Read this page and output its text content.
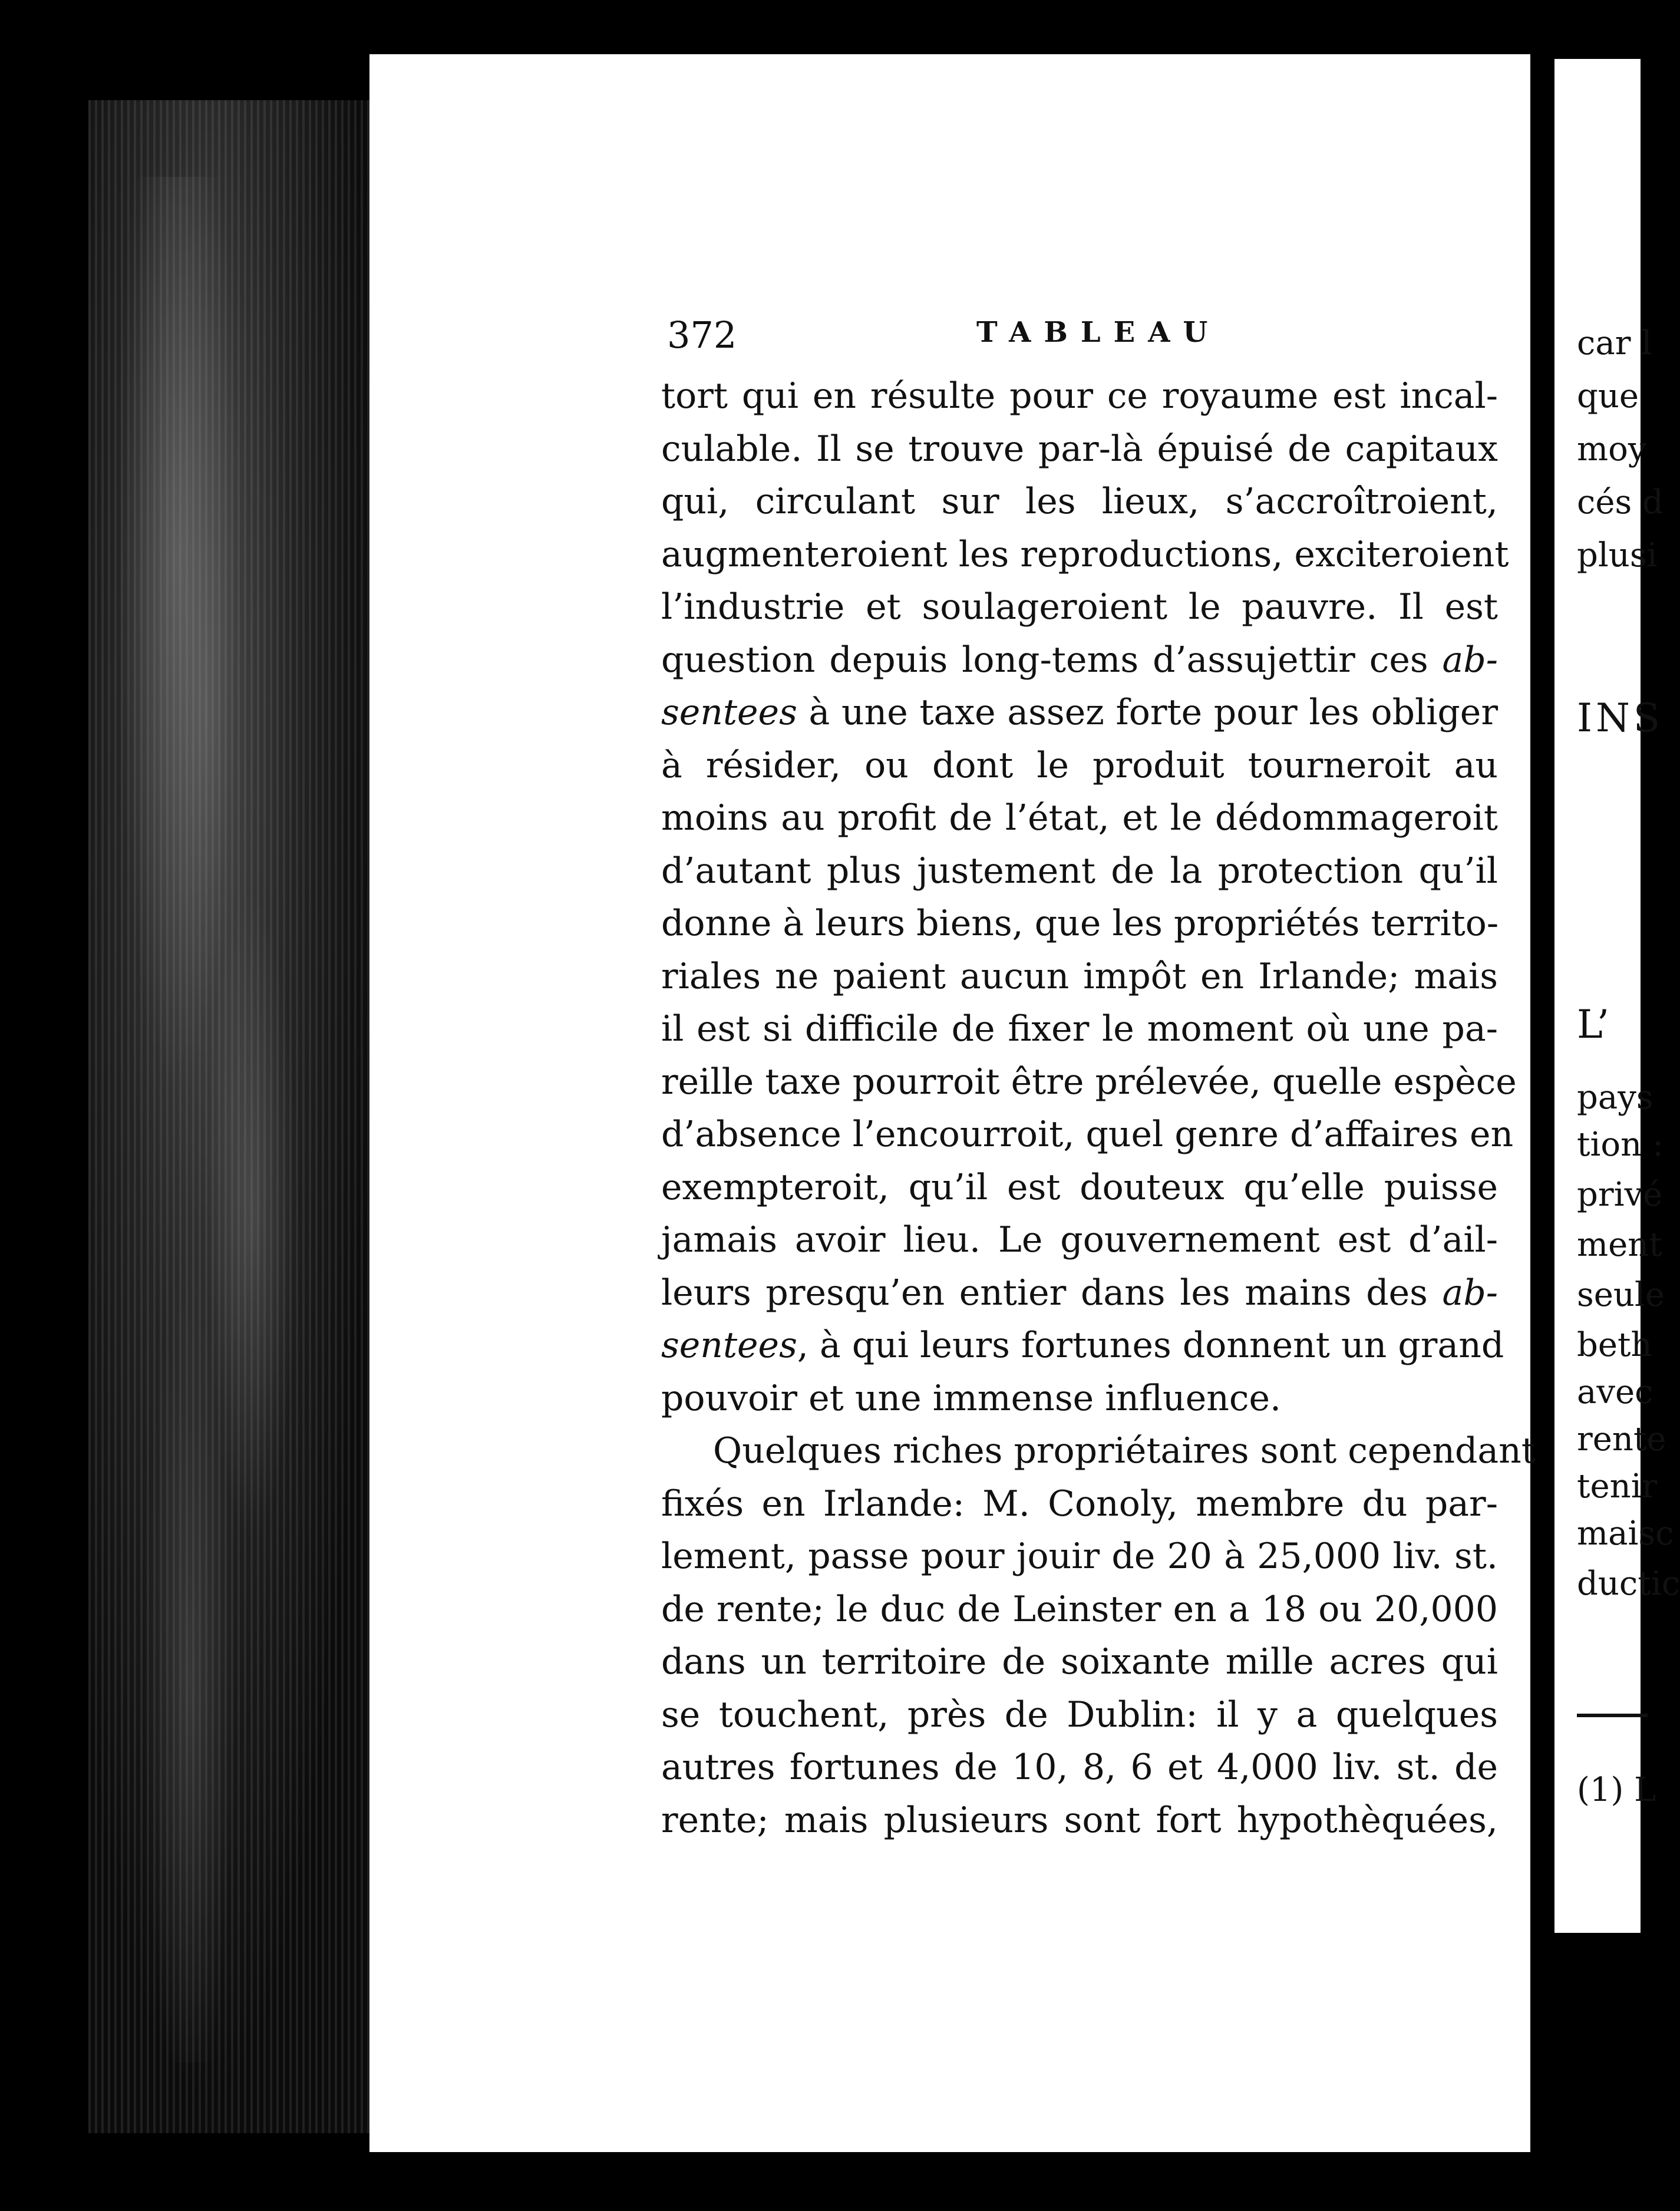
372	TABLEAU
tort qui en résulte pour ce royaume est incal-
culable. Il se trouve par-là épuisé de capitaux
qui, circulant sur les lieux, s’accroîtroient,
augmenteroient les reproductions, exciteroient
l’industrie et soulageroient le pauvre. Il est
question depuis long-tems d’assujettir ces ab-
sentees à une taxe assez forte pour les obliger
à résider, ou dont le produit tourneroit au
moins au profit de l’état, et le dédommageroit
d’autant plus justement de la protection qu’il
donne à leurs biens, que les propriétés territo-
riales ne paient aucun impôt en Irlande; mais
il est si difficile de fixer le moment où une pa-
reille taxe pourroit être prélevée, quelle espèce
d’absence l’encourroit, quel genre d’affaires en
exempteroit, qu’il est douteux qu’elle puisse
jamais avoir lieu. Le gouvernement est d’ail-
leurs presqu’en entier dans les mains des ab-
sentees, à qui leurs fortunes donnent un grand
pouvoir et une immense influence.
Quelques riches propriétaires sont cependant
fixés en Irlande: M. Conoly, membre du par-
lement, passe pour jouir de 20 à 25,000 liv. st.
de rente; le duc de Leinster en a 18 ou 20,000
dans un territoire de soixante mille acres qui
se touchent, près de Dublin: il y a quelques
autres fortunes de 10, 8, 6 et 4,000 liv. st. de
rente; mais plusieurs sont fort hypothèquées,
car l
que
moy
cés d
plusi
INS
L’
pays
tion :
privé
ment
seule
beth
avec
rente
tenir
maisc
ductic
(1) L
